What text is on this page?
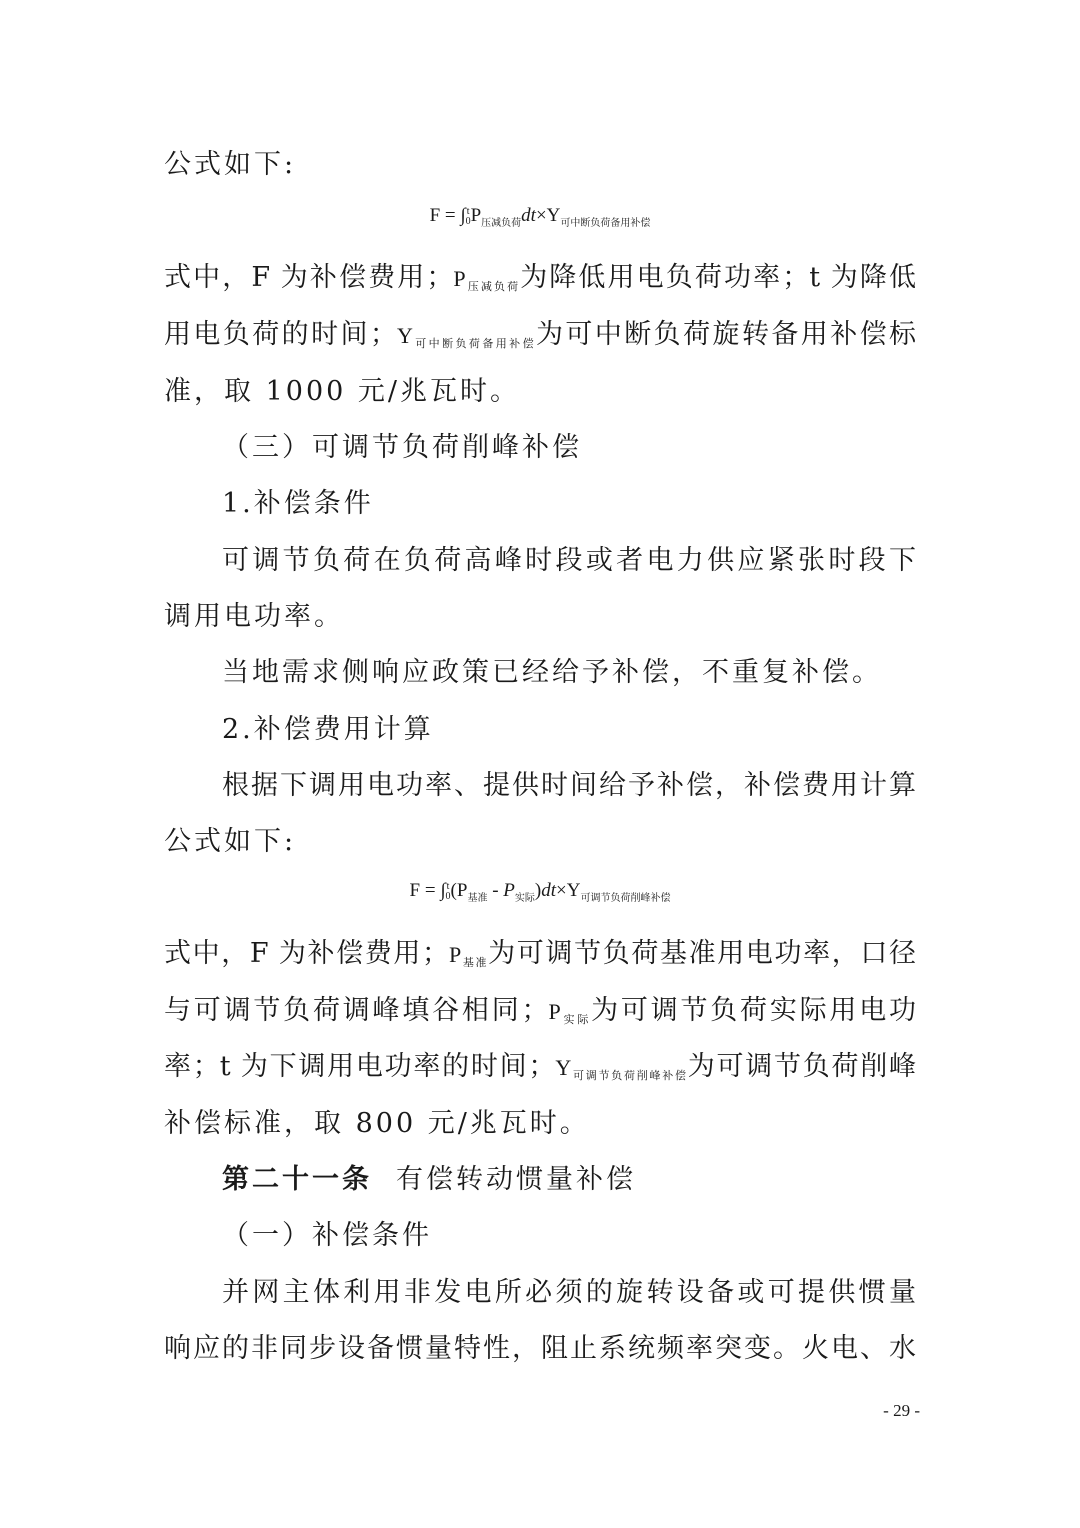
公式如下:
F = ∫t
$0P_{压减负荷}dt\times Y_{可中断负荷备用补偿}$
式中，F 为补偿费用；P压减负荷为降低用电负荷功率；t 为降低
用电负荷的时间；Y可中断负荷备用补偿为可中断负荷旋转备用补偿标
准，取 1000 元/兆瓦时。
（三）可调节负荷削峰补偿
1.补偿条件
可调节负荷在负荷高峰时段或者电力供应紧张时段下
调用电功率。
当地需求侧响应政策已经给予补偿，不重复补偿。
2.补偿费用计算
根据下调用电功率、提供时间给予补偿，补偿费用计算
公式如下:
F = ∫t
$0(P_{基准} - P_{实际})dt\times Y_{可调节负荷削峰补偿}$
式中，F 为补偿费用；P基准为可调节负荷基准用电功率，口径
与可调节负荷调峰填谷相同；P实际为可调节负荷实际用电功
率；t 为下调用电功率的时间；Y可调节负荷削峰补偿为可调节负荷削峰
补偿标准，取 800 元/兆瓦时。
第二十一条 有偿转动惯量补偿
（一）补偿条件
并网主体利用非发电所必须的旋转设备或可提供惯量
响应的非同步设备惯量特性，阻止系统频率突变。火电、水
- 29 -
